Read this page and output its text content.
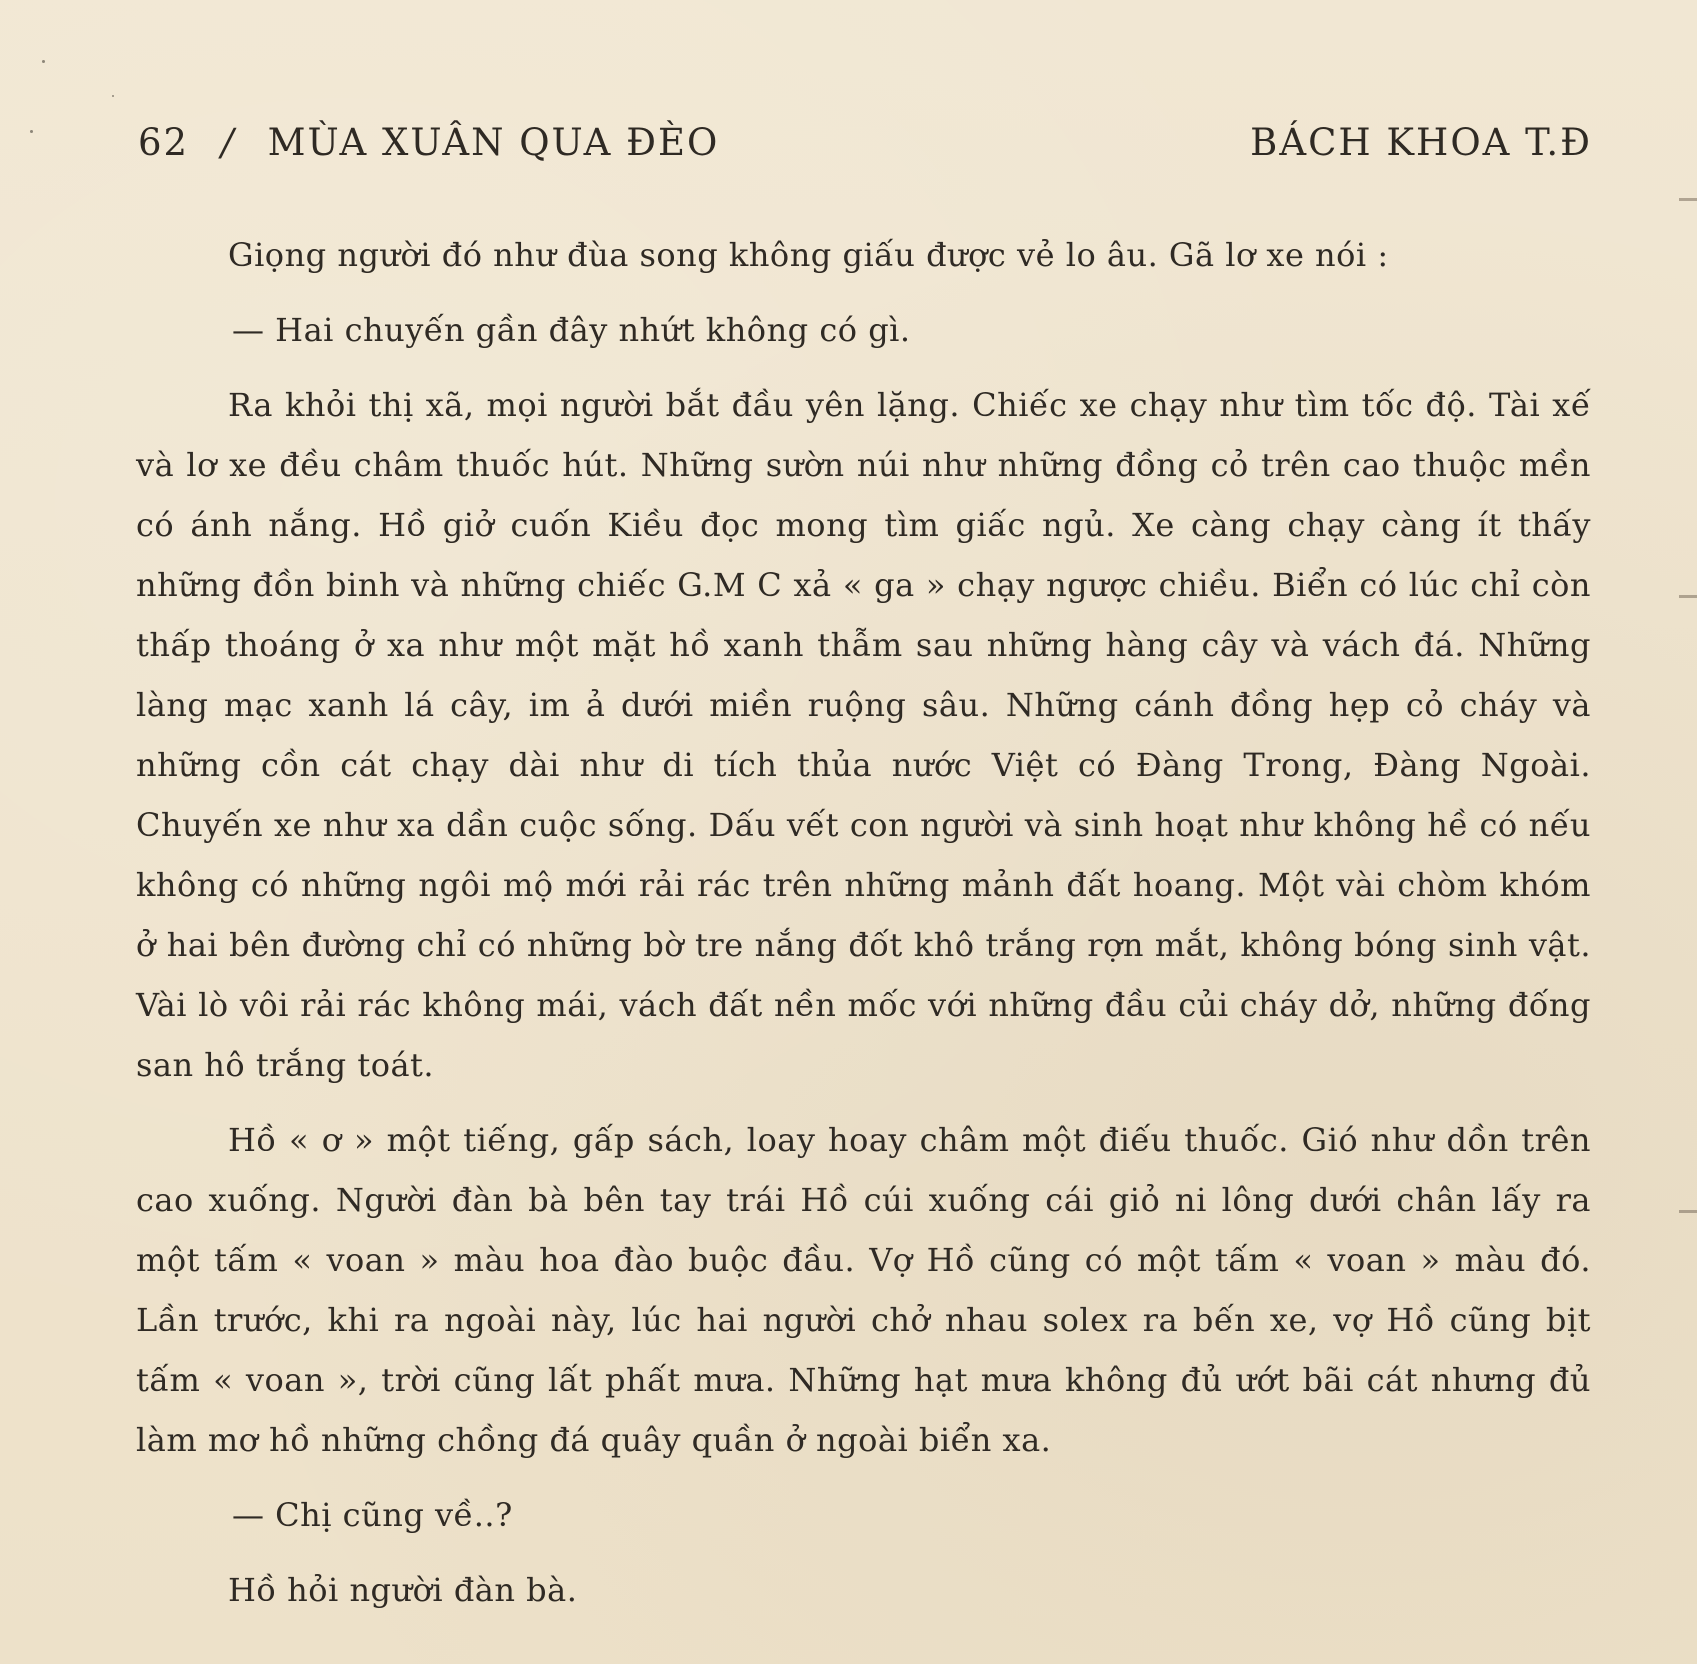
62 / MÙA XUÂN QUA ĐÈO	BÁCH KHOA T.Đ

Giọng người đó như đùa song không giấu được vẻ lo âu. Gã lơ xe nói :

— Hai chuyến gần đây nhứt không có gì.

Ra khỏi thị xã, mọi người bắt đầu yên lặng. Chiếc xe chạy như tìm tốc độ. Tài xế và lơ xe đều châm thuốc hút. Những sườn núi như những đồng cỏ trên cao thuộc mền có ánh nắng. Hồ giở cuốn Kiều đọc mong tìm giấc ngủ. Xe càng chạy càng ít thấy những đồn binh và những chiếc G.M C xả « ga » chạy ngược chiều. Biển có lúc chỉ còn thấp thoáng ở xa như một mặt hồ xanh thẫm sau những hàng cây và vách đá. Những làng mạc xanh lá cây, im ả dưới miền ruộng sâu. Những cánh đồng hẹp cỏ cháy và những cồn cát chạy dài như di tích thủa nước Việt có Đàng Trong, Đàng Ngoài. Chuyến xe như xa dần cuộc sống. Dấu vết con người và sinh hoạt như không hề có nếu không có những ngôi mộ mới rải rác trên những mảnh đất hoang. Một vài chòm khóm ở hai bên đường chỉ có những bờ tre nắng đốt khô trắng rợn mắt, không bóng sinh vật. Vài lò vôi rải rác không mái, vách đất nền mốc với những đầu củi cháy dở, những đống san hô trắng toát.

Hồ « ơ » một tiếng, gấp sách, loay hoay châm một điếu thuốc. Gió như dồn trên cao xuống. Người đàn bà bên tay trái Hồ cúi xuống cái giỏ ni lông dưới chân lấy ra một tấm « voan » màu hoa đào buộc đầu. Vợ Hồ cũng có một tấm « voan » màu đó. Lần trước, khi ra ngoài này, lúc hai người chở nhau solex ra bến xe, vợ Hồ cũng bịt tấm « voan », trời cũng lất phất mưa. Những hạt mưa không đủ ướt bãi cát nhưng đủ làm mơ hồ những chồng đá quây quần ở ngoài biển xa.

— Chị cũng về..?

Hồ hỏi người đàn bà.
